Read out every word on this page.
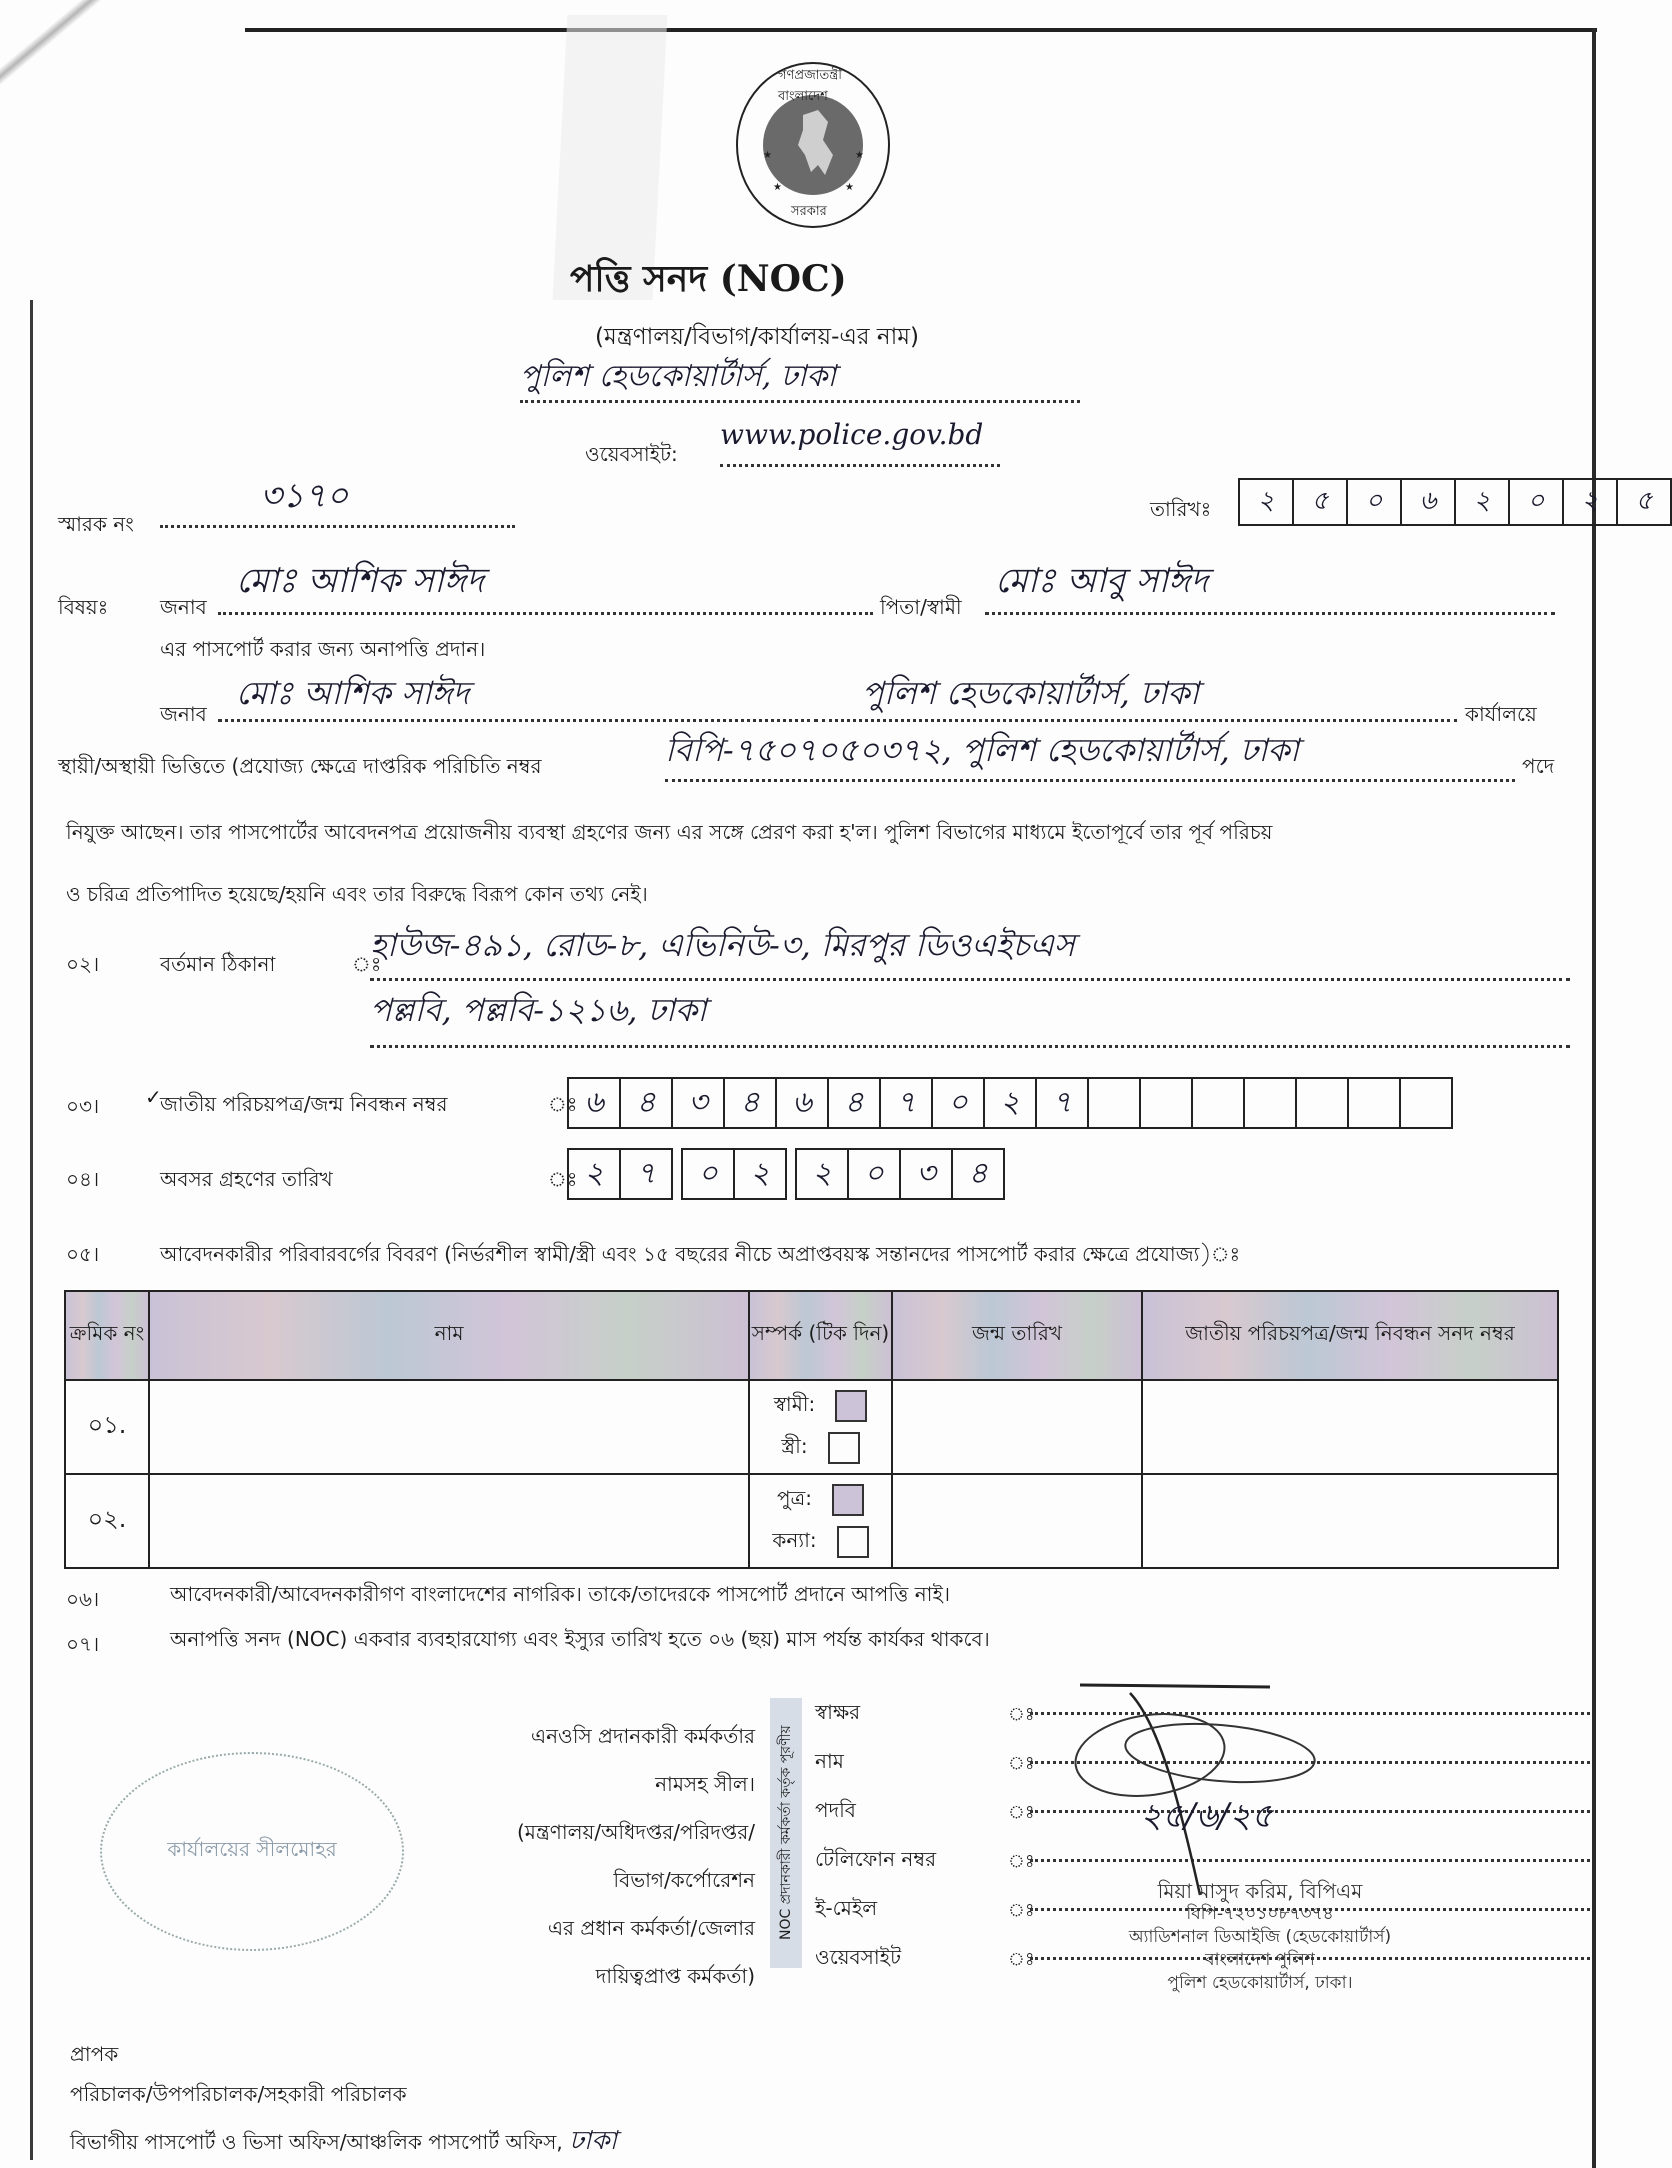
★	★
★	★
গণপ্রজাতন্ত্রী বাংলাদেশ
সরকার
পত্তি সনদ (NOC)
(মন্ত্রণালয়/বিভাগ/কার্যালয়-এর নাম)
পুলিশ হেডকোয়ার্টার্স, ঢাকা
ওয়েবসাইট:
www.police.gov.bd
স্মারক নং
৩১৭০	তারিখঃ	২	৫	০	৬	২	০	২	৫
বিষয়ঃ	জনাব
মোঃ আশিক সাঈদ
পিতা/স্বামী
মোঃ আবু সাঈদ
এর পাসপোর্ট করার জন্য অনাপত্তি প্রদান।
জনাব
মোঃ আশিক সাঈদ	পুলিশ হেডকোয়ার্টার্স, ঢাকা
কার্যালয়ে
স্থায়ী/অস্থায়ী ভিত্তিতে (প্রযোজ্য ক্ষেত্রে দাপ্তরিক পরিচিতি নম্বর	বিপি-৭৫০৭০৫০৩৭২, পুলিশ হেডকোয়ার্টার্স, ঢাকা	পদে
নিযুক্ত আছেন। তার পাসপোর্টের আবেদনপত্র প্রয়োজনীয় ব্যবস্থা গ্রহণের জন্য এর সঙ্গে প্রেরণ করা হ'ল। পুলিশ বিভাগের মাধ্যমে ইতোপূর্বে তার পূর্ব পরিচয়
ও চরিত্র প্রতিপাদিত হয়েছে/হয়নি এবং তার বিরুদ্ধে বিরূপ কোন তথ্য নেই।
০২।	বর্তমান ঠিকানা	ঃ
হাউজ-৪৯১, রোড-৮, এভিনিউ-৩, মিরপুর ডিওএইচএস
পল্লবি, পল্লবি-১২১৬, ঢাকা
০৩। ✓
জাতীয় পরিচয়পত্র/জন্ম নিবন্ধন নম্বর	ঃ ৬	৪	৩	৪	৬	৪	৭	০	২	৭
০৪।	অবসর গ্রহণের তারিখ	ঃ ২	৭	০	২	২	০	৩	৪
০৫।	আবেদনকারীর পরিবারবর্গের বিবরণ (নির্ভরশীল স্বামী/স্ত্রী এবং ১৫ বছরের নীচে অপ্রাপ্তবয়স্ক সন্তানদের পাসপোর্ট করার ক্ষেত্রে প্রযোজ্য)ঃ
ক্রমিক নং	নাম	সম্পর্ক (টিক দিন)	জন্ম তারিখ	জাতীয় পরিচয়পত্র/জন্ম নিবন্ধন সনদ নম্বর
০১.		স্বামী:
স্ত্রী:		

০২.		পুত্র:
কন্যা:		

০৬।	আবেদনকারী/আবেদনকারীগণ বাংলাদেশের নাগরিক। তাকে/তাদেরকে পাসপোর্ট প্রদানে আপত্তি নাই।
০৭।	অনাপত্তি সনদ (NOC) একবার ব্যবহারযোগ্য এবং ইস্যুর তারিখ হতে ০৬ (ছয়) মাস পর্যন্ত কার্যকর থাকবে।
কার্যালয়ের সীলমোহর
এনওসি প্রদানকারী কর্মকর্তার
নামসহ সীল।
(মন্ত্রণালয়/অধিদপ্তর/পরিদপ্তর/
বিভাগ/কর্পোরেশন
এর প্রধান কর্মকর্তা/জেলার
দায়িত্বপ্রাপ্ত কর্মকর্তা)
NOC প্রদানকারী কর্মকর্তা কর্তৃক পূরণীয়
স্বাক্ষর
নাম
পদবি
টেলিফোন নম্বর
ই-মেইল
ওয়েবসাইট
ঃ
ঃ
ঃ
ঃ
ঃ
ঃ
২৫/৬/২৫
মিয়া মাসুদ করিম, বিপিএম
বিপি-৭২০১০৮৭৩৭৪
অ্যাডিশনাল ডিআইজি (হেডকোয়ার্টার্স)
বাংলাদেশ পুলিশ
পুলিশ হেডকোয়ার্টার্স, ঢাকা।
প্রাপক
পরিচালক/উপপরিচালক/সহকারী পরিচালক
বিভাগীয় পাসপোর্ট ও ভিসা অফিস/আঞ্চলিক পাসপোর্ট অফিস, ঢাকা
